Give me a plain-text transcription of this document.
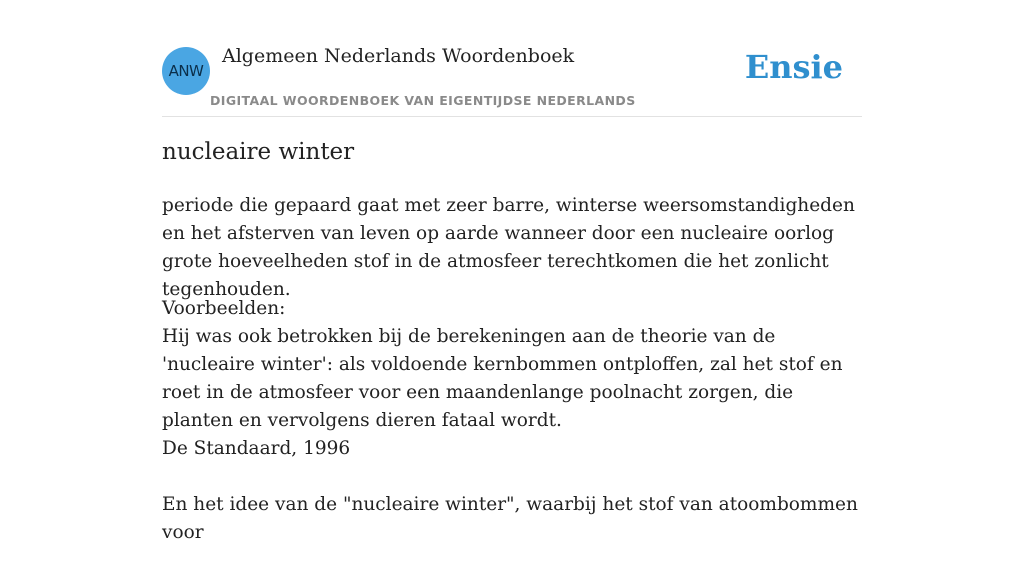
ANW
Algemeen Nederlands Woordenboek
DIGITAAL WOORDENBOEK VAN EIGENTIJDSE NEDERLANDS
Ensie
nucleaire winter

periode die gepaard gaat met zeer barre, winterse weersomstandigheden en het afsterven van leven op aarde wanneer door een nucleaire oorlog grote hoeveelheden stof in de atmosfeer terechtkomen die het zonlicht tegenhouden.

Voorbeelden:

Hij was ook betrokken bij de berekeningen aan de theorie van de 'nucleaire winter': als voldoende kernbommen ontploffen, zal het stof en roet in de atmosfeer voor een maandenlange poolnacht zorgen, die planten en vervolgens dieren fataal wordt.
De Standaard, 1996

En het idee van de "nucleaire winter", waarbij het stof van atoombommen voor
